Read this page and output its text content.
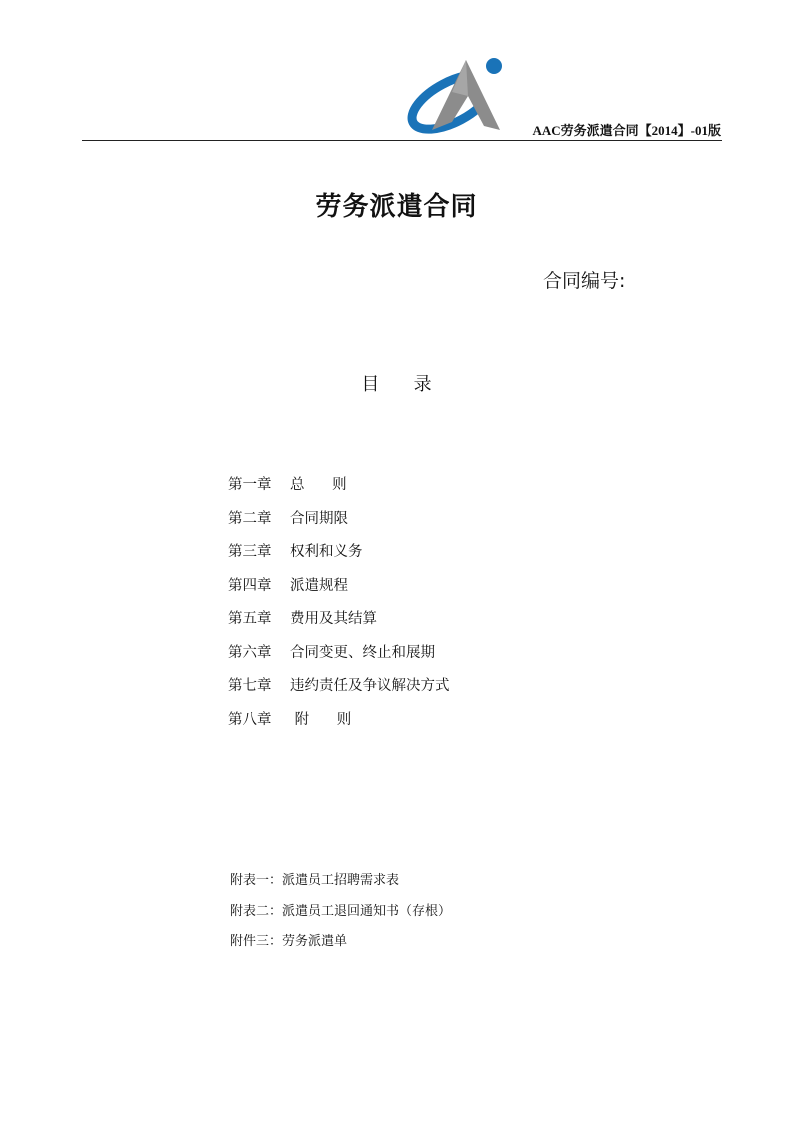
AAC劳务派遣合同【2014】-01版
劳务派遣合同
合同编号:
目      录
第一章 总      则
第二章 合同期限
第三章 权利和义务
第四章 派遣规程
第五章 费用及其结算
第六章 合同变更、终止和展期
第七章 违约责任及争议解决方式
第八章 附      则
附表一：派遣员工招聘需求表
附表二：派遣员工退回通知书（存根）
附件三：劳务派遣单
